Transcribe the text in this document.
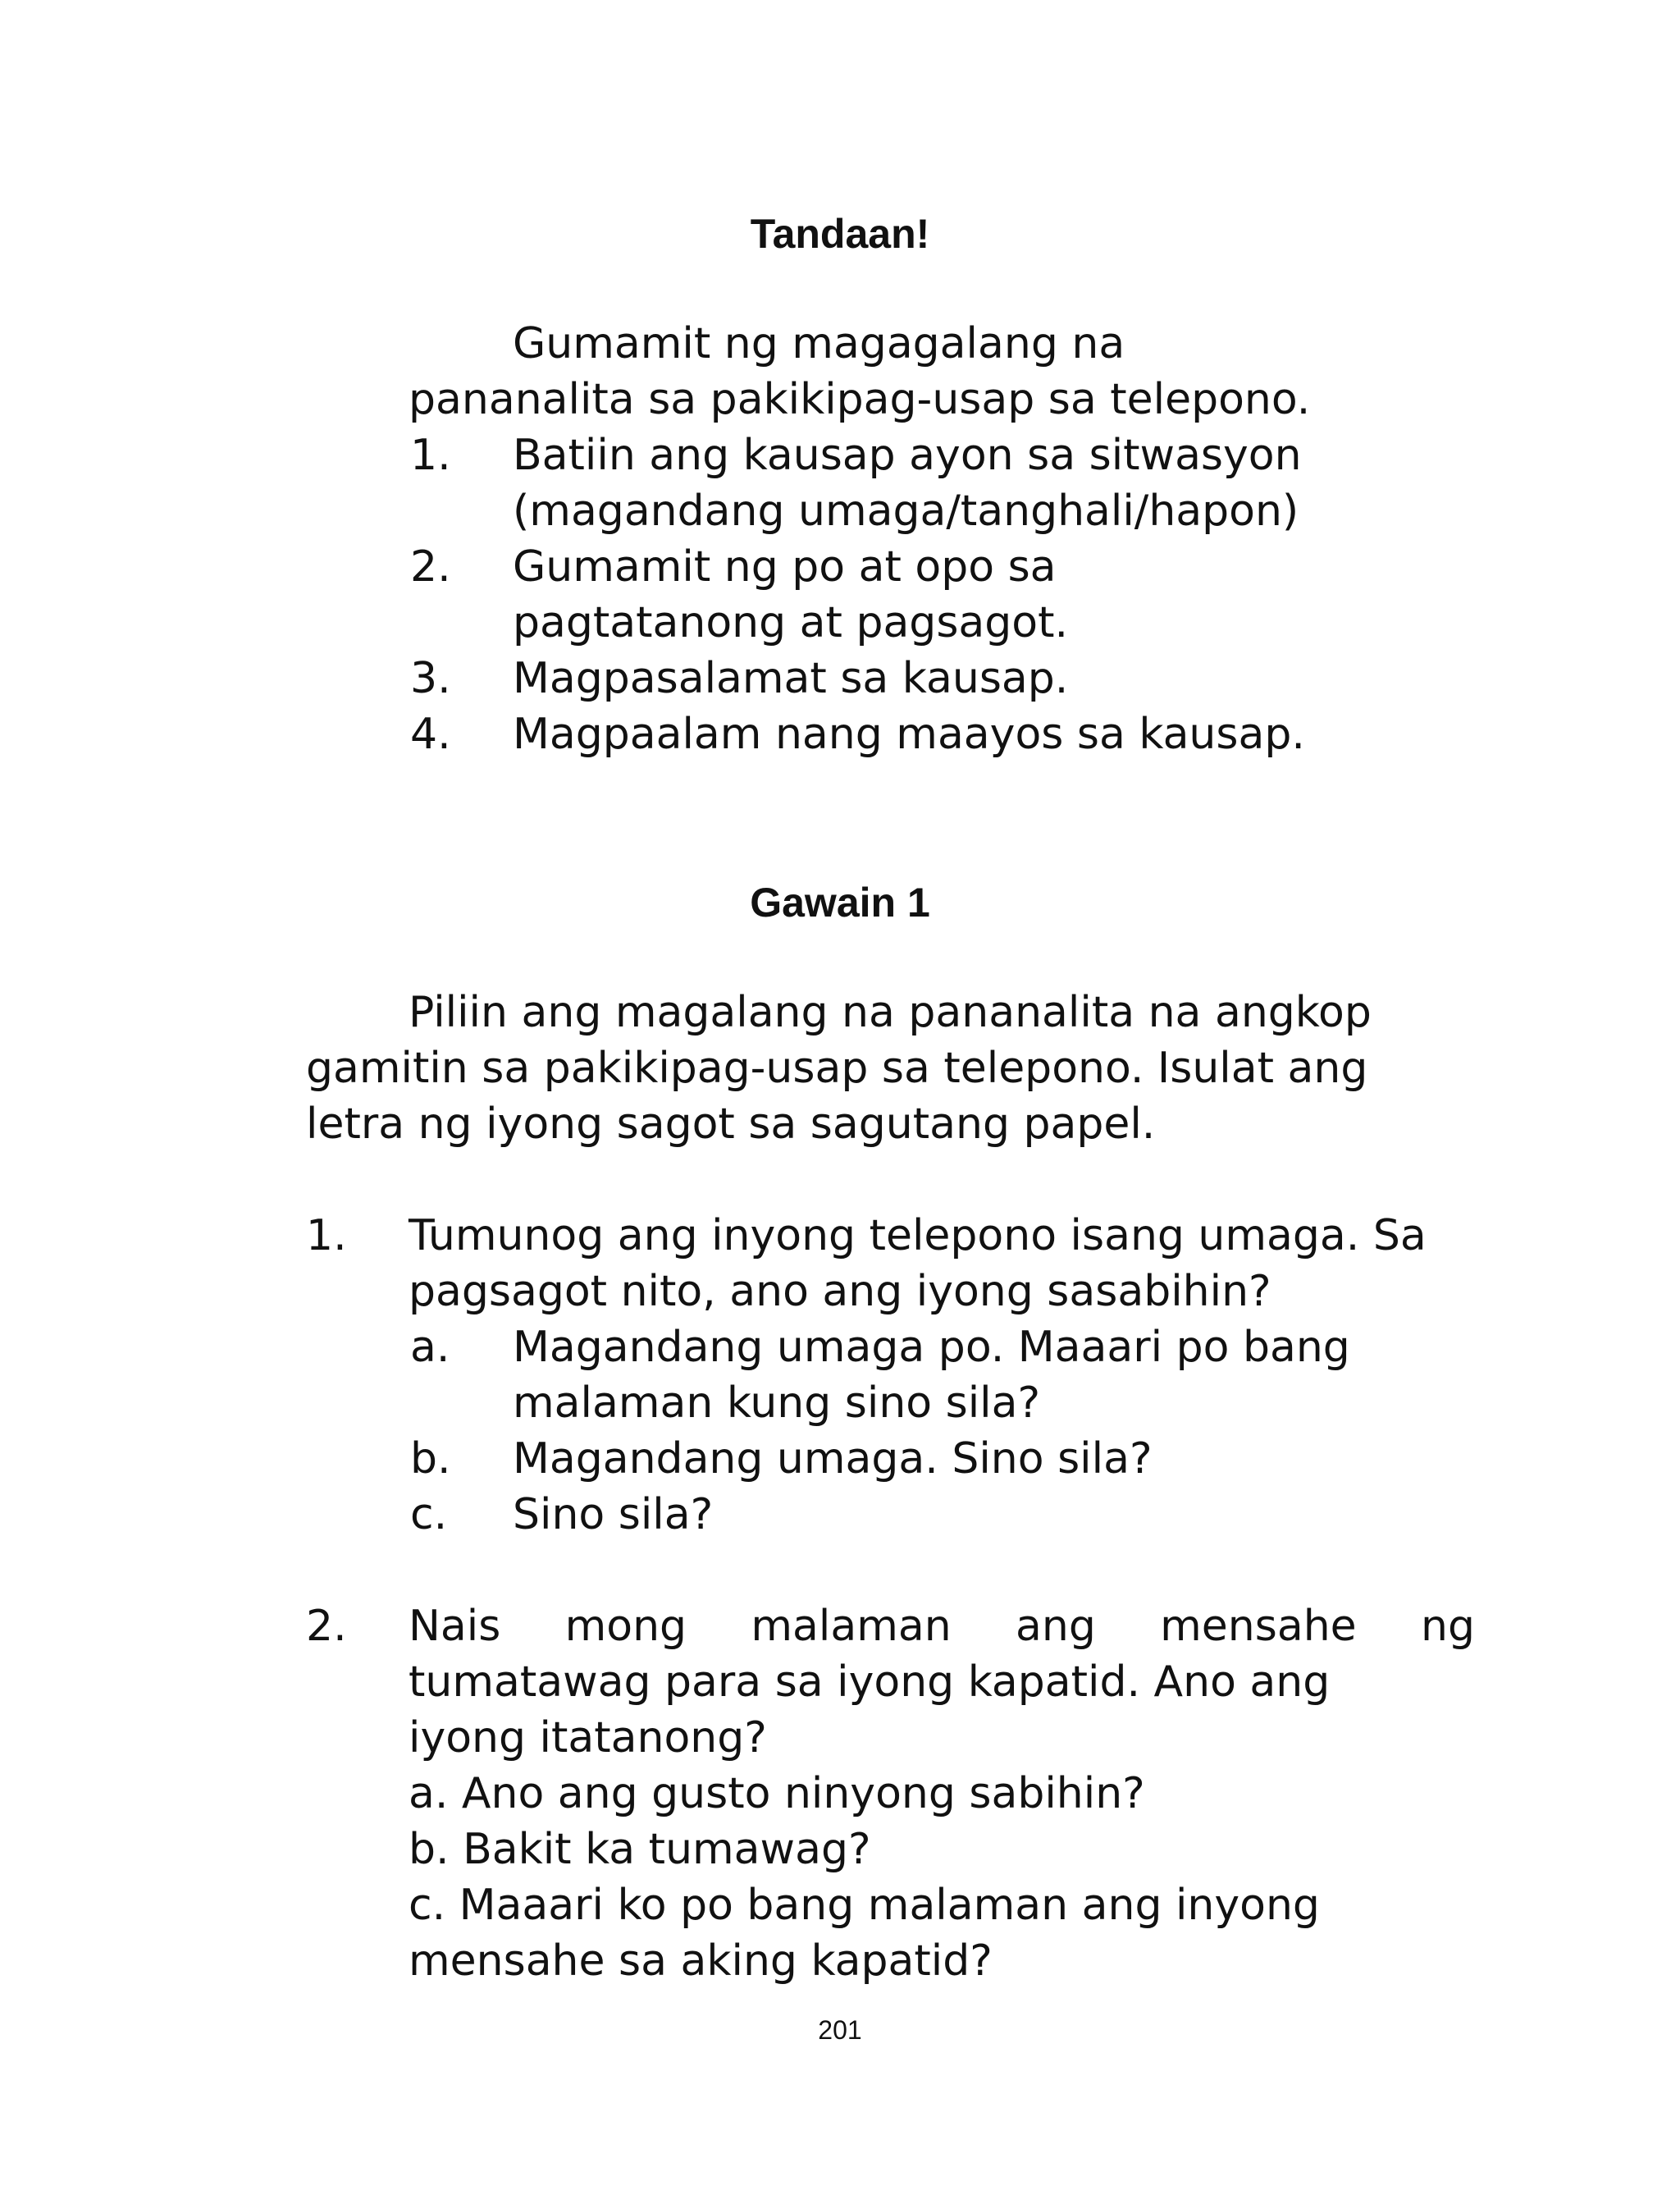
Tandaan!

Gumamit ng magagalang na

pananalita sa pakikipag-usap sa telepono.

1. Batiin ang kausap ayon sa sitwasyon

(magandang umaga/tanghali/hapon)

2. Gumamit ng po at opo sa

pagtatanong at pagsagot.

3. Magpasalamat sa kausap.

4. Magpaalam nang maayos sa kausap.

Gawain 1

Piliin ang magalang na pananalita na angkop

gamitin sa pakikipag-usap sa telepono. Isulat ang

letra ng iyong sagot sa sagutang papel.

1. Tumunog ang inyong telepono isang umaga. Sa

pagsagot nito, ano ang iyong sasabihin?

a. Magandang umaga po. Maaari po bang

malaman kung sino sila?

b. Magandang umaga. Sino sila?

c. Sino sila?

2. Nais mong malaman ang mensahe ng

tumatawag para sa iyong kapatid. Ano ang

iyong itatanong?

a. Ano ang gusto ninyong sabihin?

b. Bakit ka tumawag?

c. Maaari ko po bang malaman ang inyong

mensahe sa aking kapatid?

201
